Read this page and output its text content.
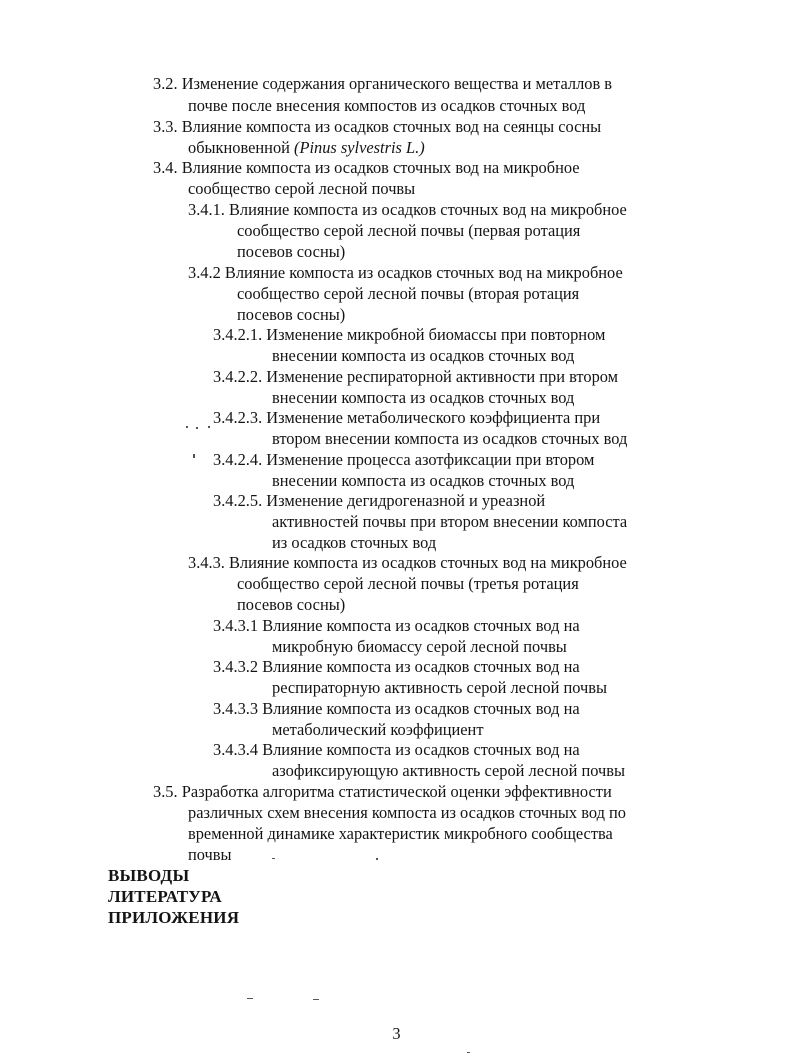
3.2. Изменение содержания органического вещества и металлов в
почве после внесения компостов из осадков сточных вод
3.3. Влияние компоста из осадков сточных вод на сеянцы сосны
обыкновенной (Pinus sylvestris L.)
3.4. Влияние компоста из осадков сточных вод на микробное
сообщество серой лесной почвы
3.4.1. Влияние компоста из осадков сточных вод на микробное
сообщество серой лесной почвы (первая ротация
посевов сосны)
3.4.2 Влияние компоста из осадков сточных вод на микробное
сообщество серой лесной почвы (вторая ротация
посевов сосны)
3.4.2.1. Изменение микробной биомассы при повторном
внесении компоста из осадков сточных вод
3.4.2.2. Изменение респираторной активности при втором
внесении компоста из осадков сточных вод
3.4.2.3. Изменение метаболического коэффициента при
втором внесении компоста из осадков сточных вод
3.4.2.4. Изменение процесса азотфиксации при втором
внесении компоста из осадков сточных вод
3.4.2.5. Изменение дегидрогеназной и уреазной
активностей почвы при втором внесении компоста
из осадков сточных вод
3.4.3. Влияние компоста из осадков сточных вод на микробное
сообщество серой лесной почвы (третья ротация
посевов сосны)
3.4.3.1 Влияние компоста из осадков сточных вод на
микробную биомассу серой лесной почвы
3.4.3.2 Влияние компоста из осадков сточных вод на
респираторную активность серой лесной почвы
3.4.3.3 Влияние компоста из осадков сточных вод на
метаболический коэффициент
3.4.3.4 Влияние компоста из осадков сточных вод на
азофиксирующую активность серой лесной почвы
3.5. Разработка алгоритма статистической оценки эффективности
различных схем внесения компоста из осадков сточных вод по
временной динамике характеристик микробного сообщества
почвы
ВЫВОДЫ
ЛИТЕРАТУРА
ПРИЛОЖЕНИЯ
3
